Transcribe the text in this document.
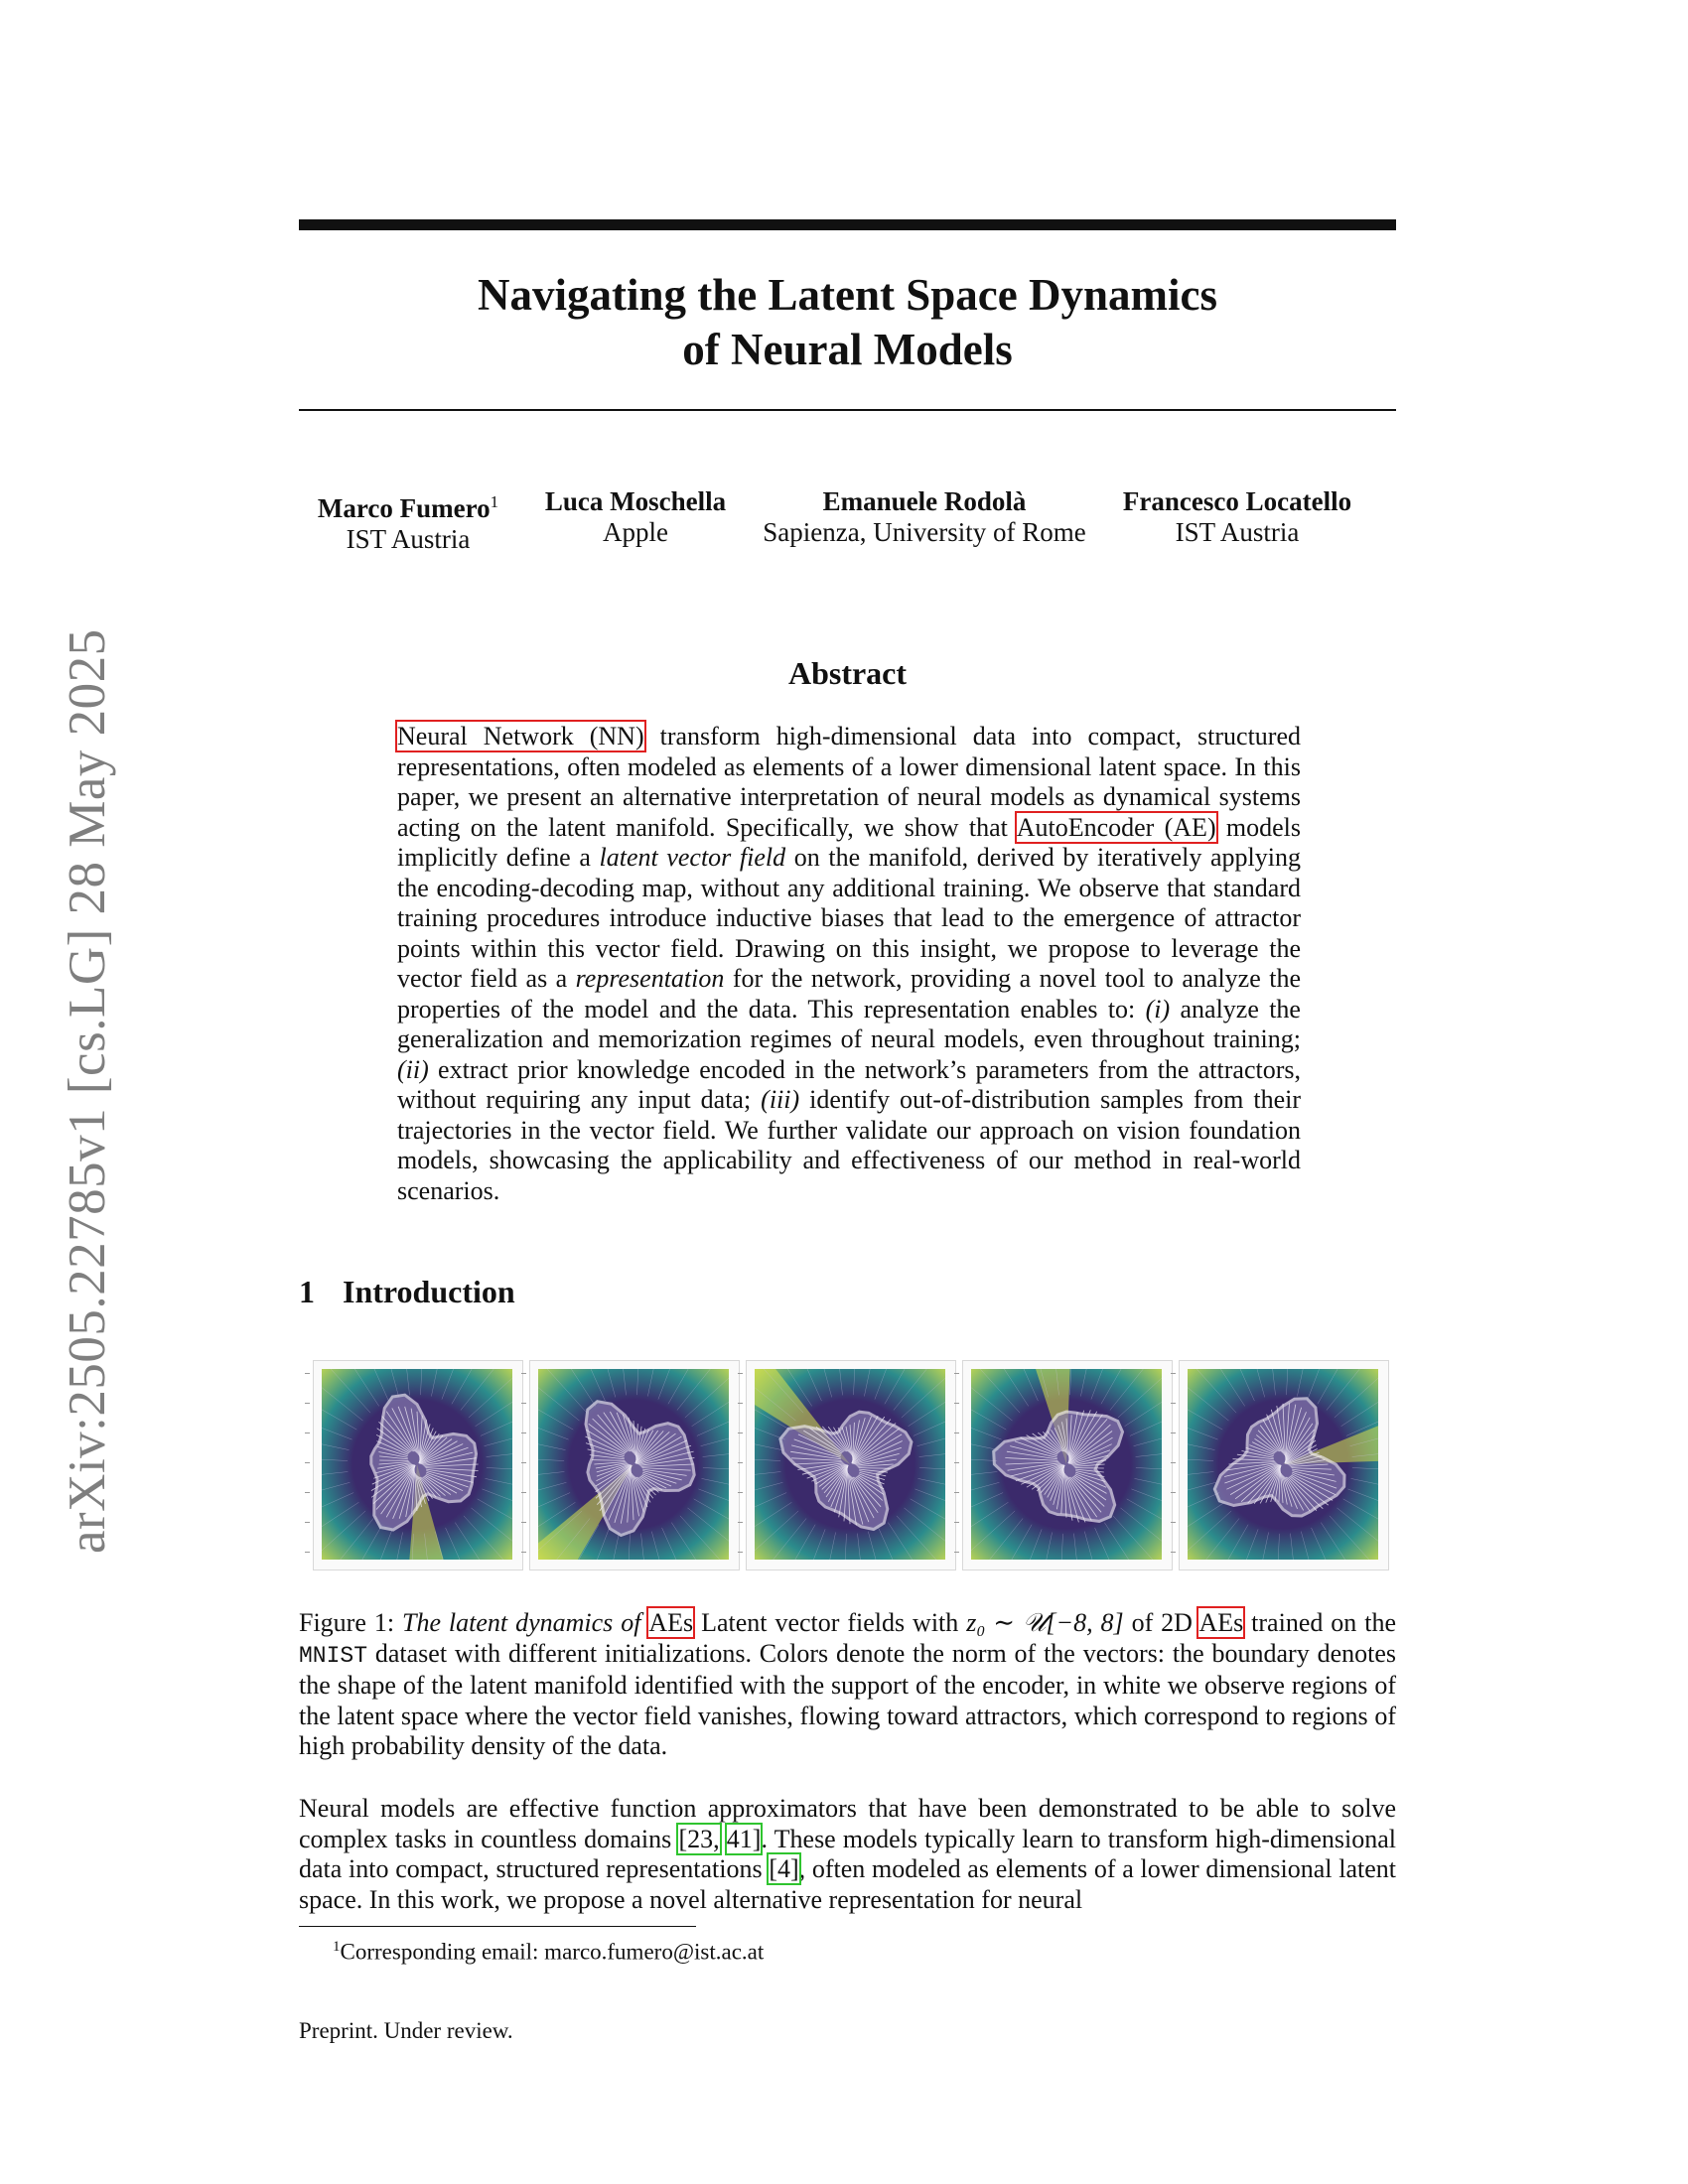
arXiv:2505.22785v1 [cs.LG] 28 May 2025
Navigating the Latent Space Dynamics
of Neural Models
Marco Fumero$^1$
IST Austria
Luca Moschella
Apple
Emanuele Rodolà
Sapienza, University of Rome
Francesco Locatello
IST Austria
Abstract
Neural Network (NN) transform high-dimensional data into compact, structured representations, often modeled as elements of a lower dimensional latent space. In this paper, we present an alternative interpretation of neural models as dynamical systems acting on the latent manifold. Specifically, we show that AutoEncoder (AE) models implicitly define a latent vector field on the manifold, derived by iteratively applying the encoding-decoding map, without any additional training. We observe that standard training procedures introduce inductive biases that lead to the emergence of attractor points within this vector field. Drawing on this insight, we propose to leverage the vector field as a representation for the network, providing a novel tool to analyze the properties of the model and the data. This representation enables to: (i) analyze the generalization and memorization regimes of neural models, even throughout training; (ii) extract prior knowledge encoded in the network’s parameters from the attractors, without requiring any input data; (iii) identify out-of-distribution samples from their trajectories in the vector field. We further validate our approach on vision foundation models, showcasing the applicability and effectiveness of our method in real-world scenarios.
1 Introduction
Figure 1: The latent dynamics of AEs Latent vector fields with z₀ ∼ 𝒰[−8, 8] of 2D AEs trained on the MNIST dataset with different initializations. Colors denote the norm of the vectors: the boundary denotes the shape of the latent manifold identified with the support of the encoder, in white we observe regions of the latent space where the vector field vanishes, flowing toward attractors, which correspond to regions of high probability density of the data.
Neural models are effective function approximators that have been demonstrated to be able to solve complex tasks in countless domains [23, 41]. These models typically learn to transform high-dimensional data into compact, structured representations [4], often modeled as elements of a lower dimensional latent space. In this work, we propose a novel alternative representation for neural
$^1$Corresponding email: marco.fumero@ist.ac.at
Preprint. Under review.
